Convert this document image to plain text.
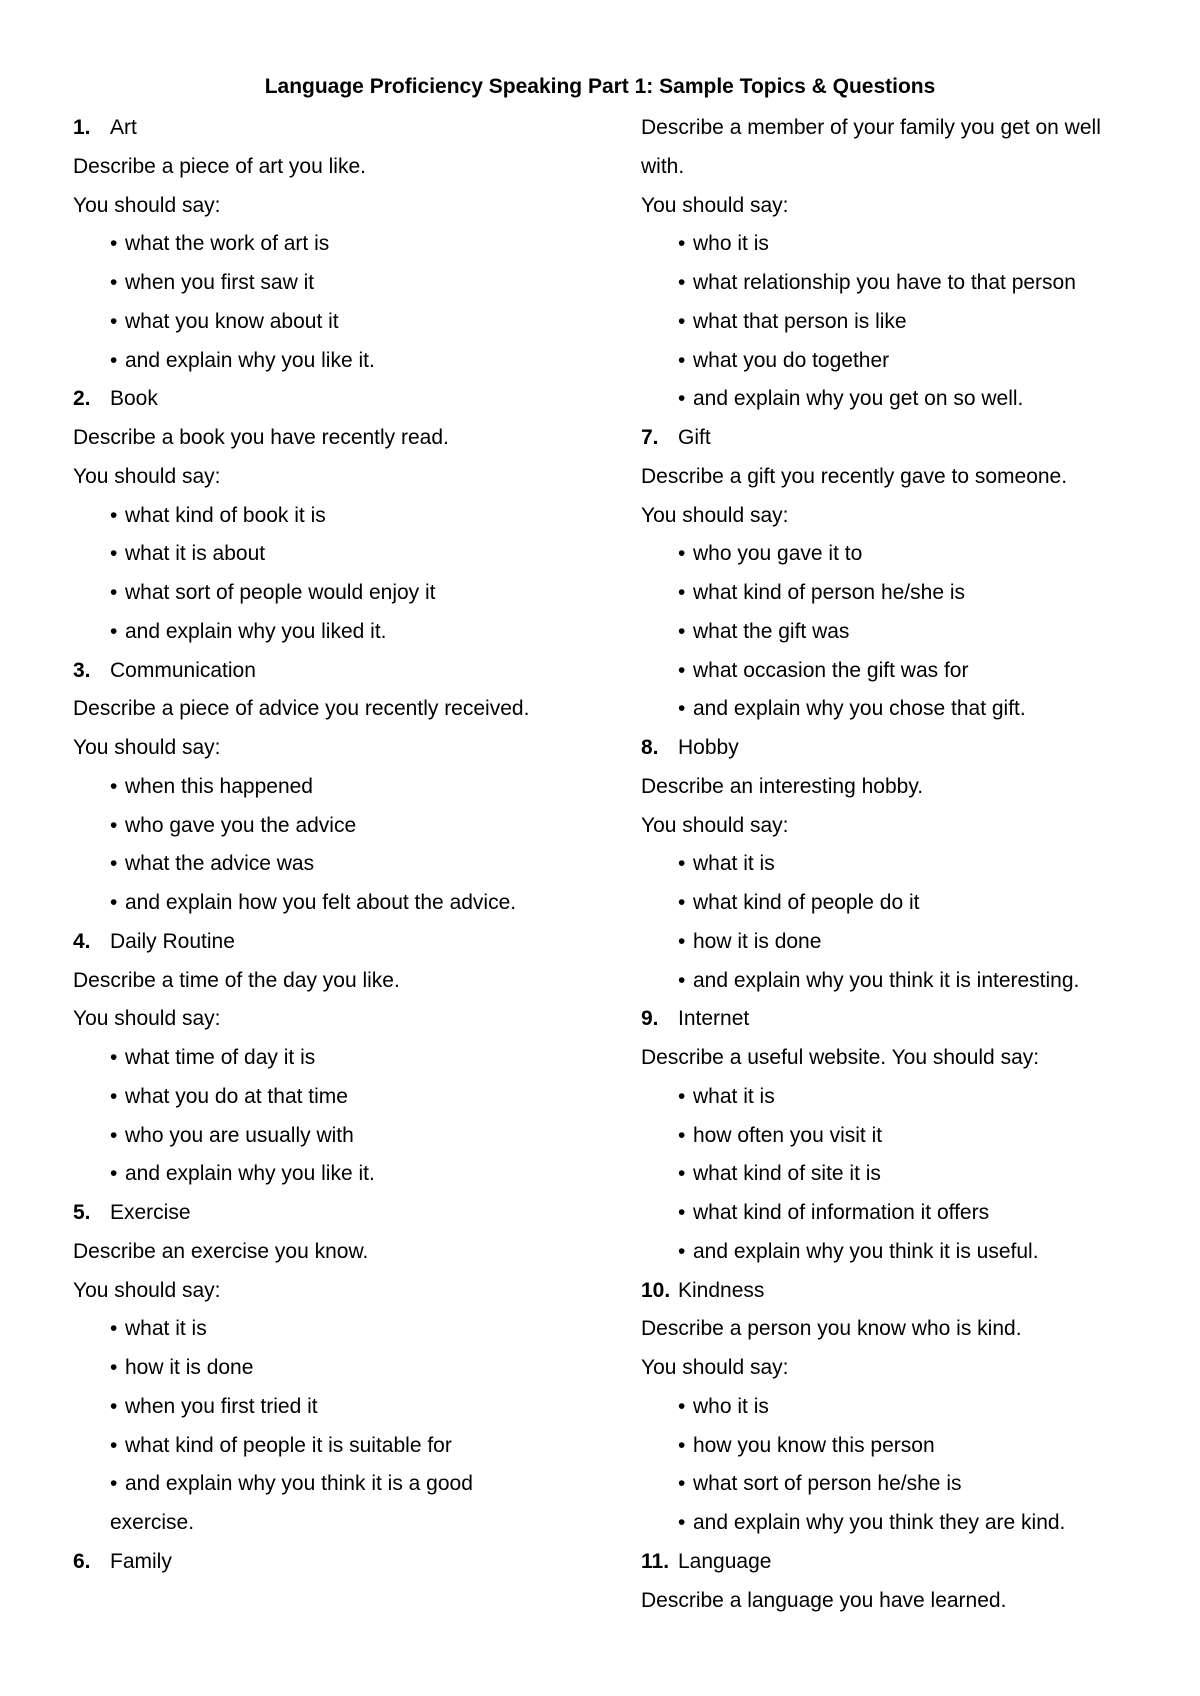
Language Proficiency Speaking Part 1: Sample Topics & Questions
1. Art
Describe a piece of art you like.
You should say:
• what the work of art is
• when you first saw it
• what you know about it
• and explain why you like it.
2. Book
Describe a book you have recently read.
You should say:
• what kind of book it is
• what it is about
• what sort of people would enjoy it
• and explain why you liked it.
3. Communication
Describe a piece of advice you recently received.
You should say:
• when this happened
• who gave you the advice
• what the advice was
• and explain how you felt about the advice.
4. Daily Routine
Describe a time of the day you like.
You should say:
• what time of day it is
• what you do at that time
• who you are usually with
• and explain why you like it.
5. Exercise
Describe an exercise you know.
You should say:
• what it is
• how it is done
• when you first tried it
• what kind of people it is suitable for
• and explain why you think it is a good
exercise.
6. Family
Describe a member of your family you get on well
with.
You should say:
• who it is
• what relationship you have to that person
• what that person is like
• what you do together
• and explain why you get on so well.
7. Gift
Describe a gift you recently gave to someone.
You should say:
• who you gave it to
• what kind of person he/she is
• what the gift was
• what occasion the gift was for
• and explain why you chose that gift.
8. Hobby
Describe an interesting hobby.
You should say:
• what it is
• what kind of people do it
• how it is done
• and explain why you think it is interesting.
9. Internet
Describe a useful website. You should say:
• what it is
• how often you visit it
• what kind of site it is
• what kind of information it offers
• and explain why you think it is useful.
10. Kindness
Describe a person you know who is kind.
You should say:
• who it is
• how you know this person
• what sort of person he/she is
• and explain why you think they are kind.
11. Language
Describe a language you have learned.
